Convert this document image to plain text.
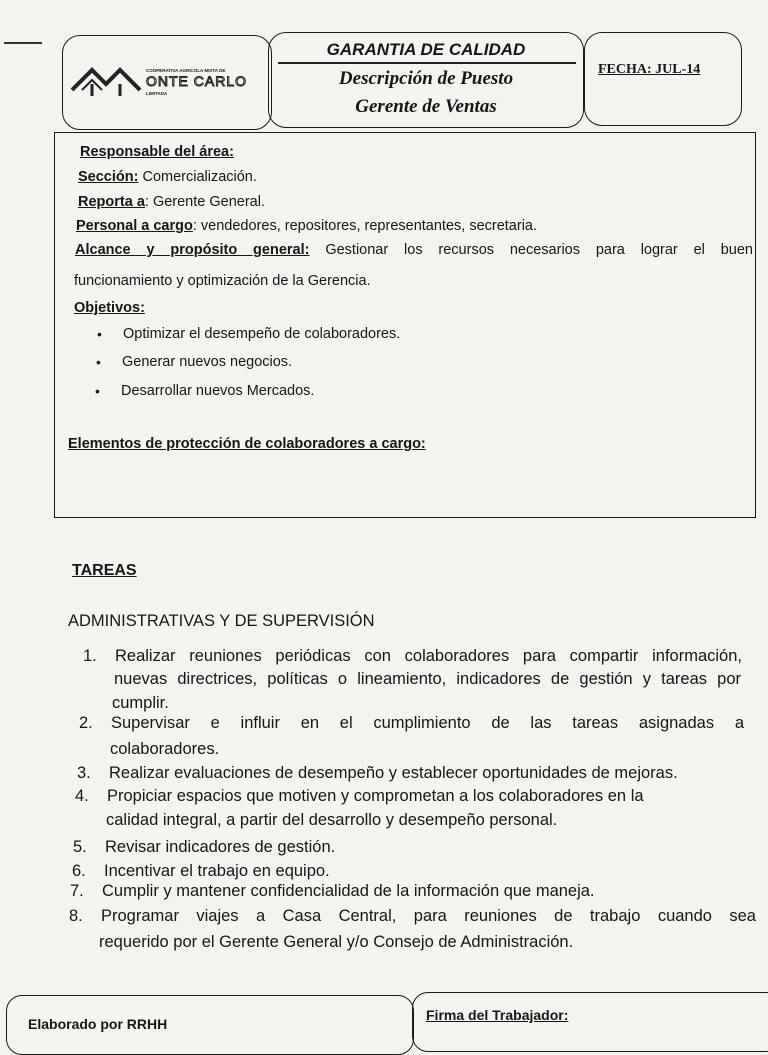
COOPERATIVA AGRICOLA MIXTA DE
ONTE CARLO
LIMITADA
GARANTIA DE CALIDAD
Descripción de Puesto
Gerente de Ventas
FECHA: JUL-14
Responsable del área:
Sección: Comercialización.
Reporta a: Gerente General.
Personal a cargo: vendedores, repositores, representantes, secretaria.
Alcance y propósito general: Gestionar los recursos necesarios para lograr el buen
funcionamiento y optimización de la Gerencia.
Objetivos:
• Optimizar el desempeño de colaboradores.
• Generar nuevos negocios.
• Desarrollar nuevos Mercados.
Elementos de protección de colaboradores a cargo:
TAREAS
ADMINISTRATIVAS Y DE SUPERVISIÓN
1. Realizar reuniones periódicas con colaboradores para compartir información,
nuevas directrices, políticas o lineamiento, indicadores de gestión y tareas por
cumplir.
2. Supervisar e influir en el cumplimiento de las tareas asignadas a
colaboradores.
3. Realizar evaluaciones de desempeño y establecer oportunidades de mejoras.
4. Propiciar espacios que motiven y comprometan a los colaboradores en la
calidad integral, a partir del desarrollo y desempeño personal.
5. Revisar indicadores de gestión.
6. Incentivar el trabajo en equipo.
7. Cumplir y mantener confidencialidad de la información que maneja.
8. Programar viajes a Casa Central, para reuniones de trabajo cuando sea
requerido por el Gerente General y/o Consejo de Administración.
Elaborado por RRHH
Firma del Trabajador:
